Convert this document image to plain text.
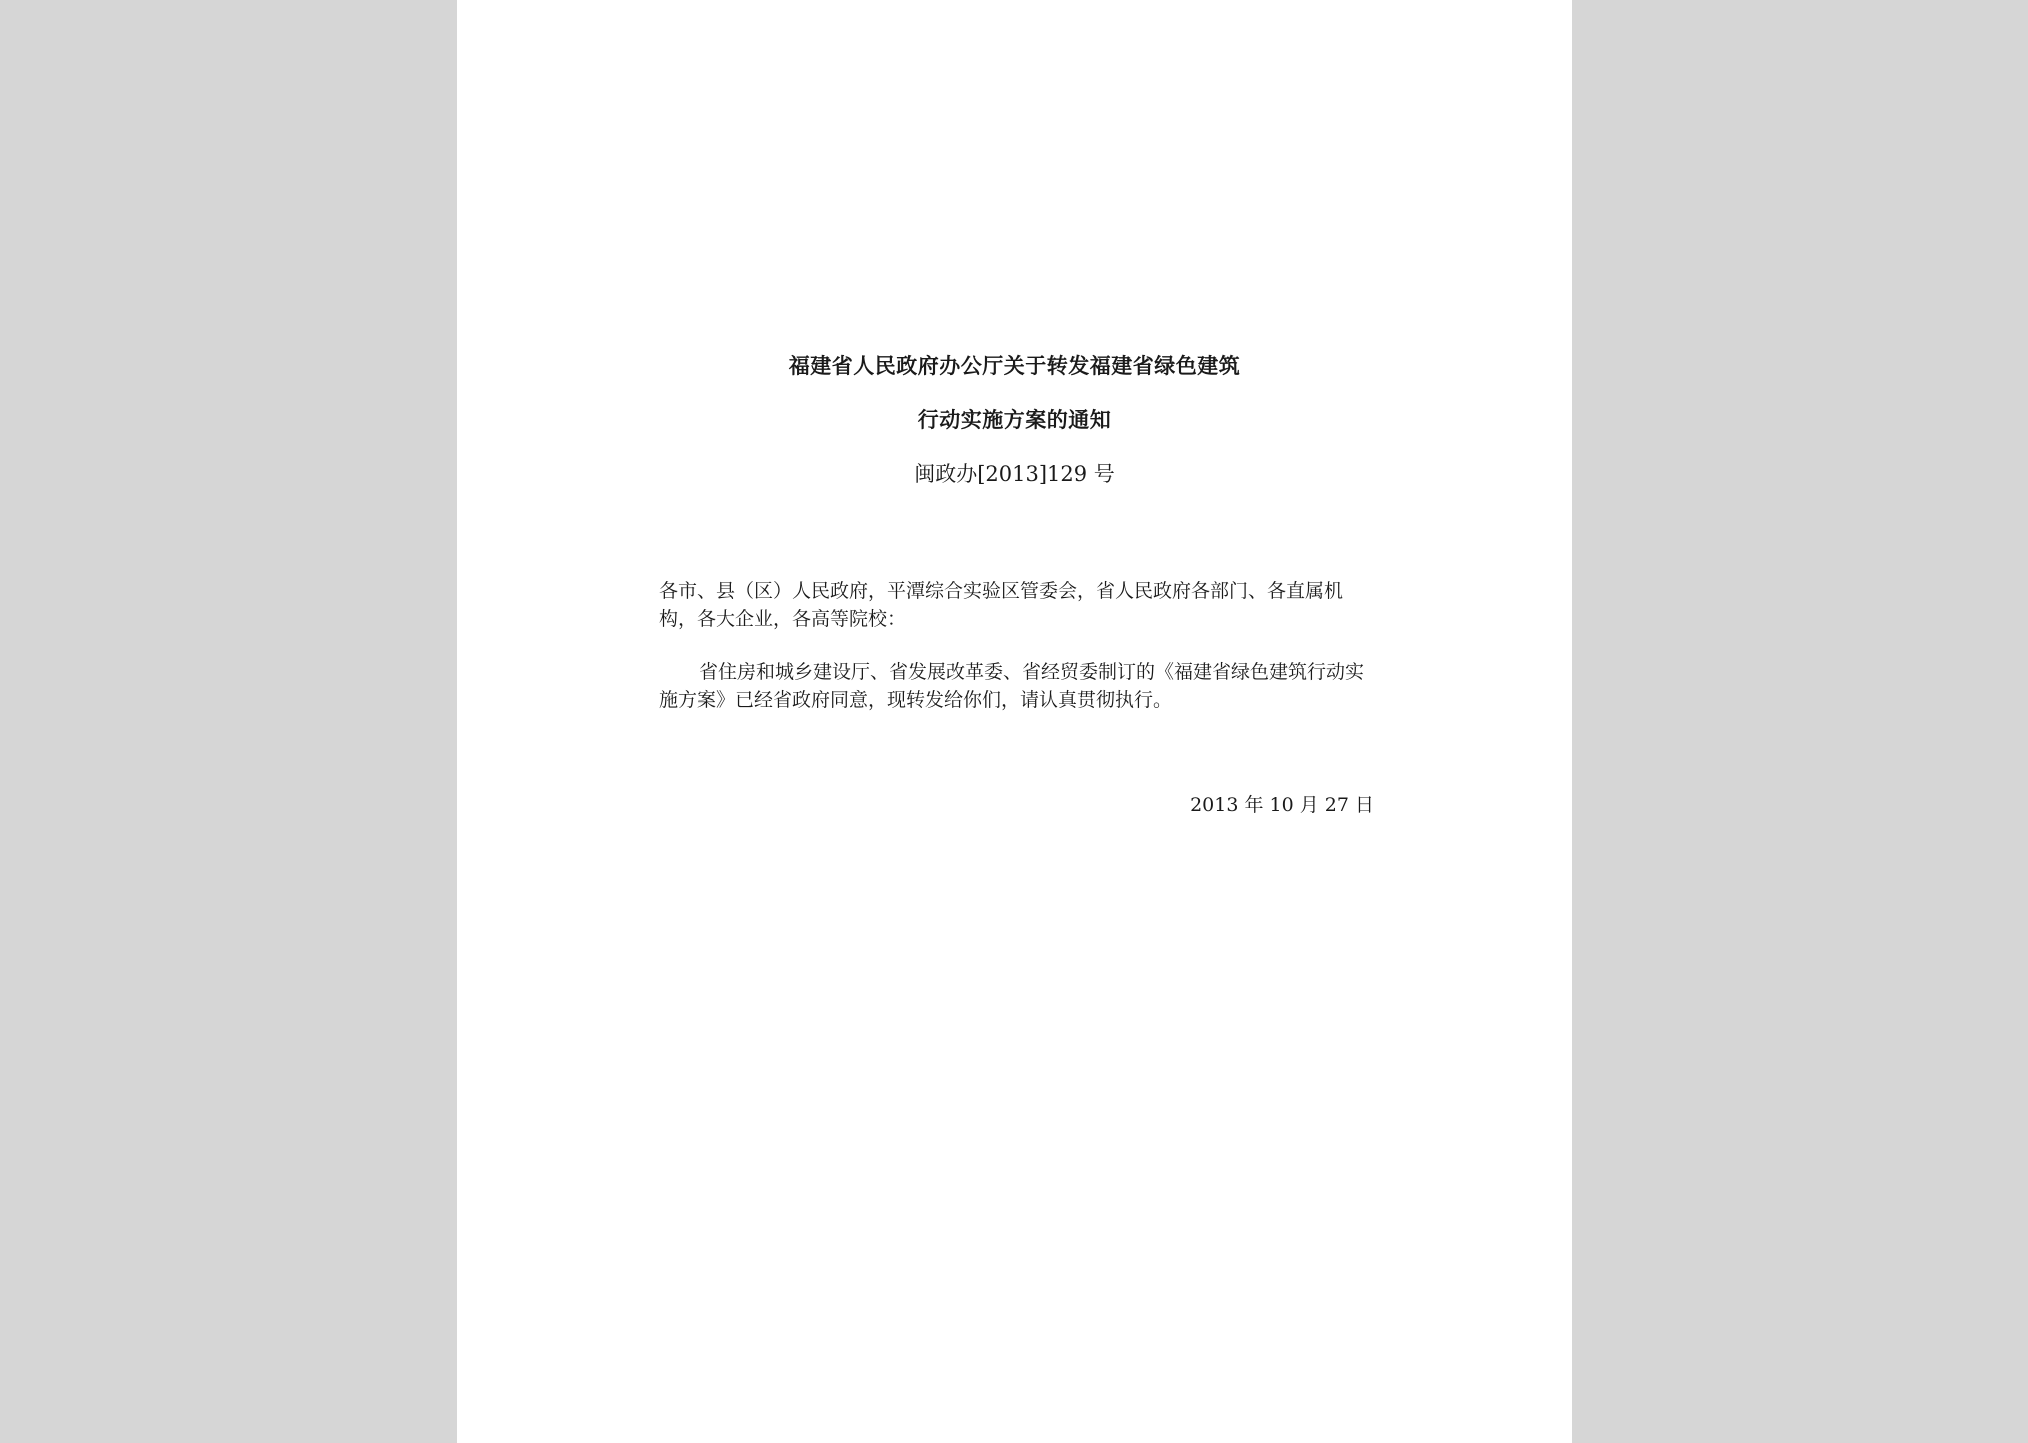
福建省人民政府办公厅关于转发福建省绿色建筑
行动实施方案的通知
闽政办[2013]129 号
各市、县（区）人民政府，平潭综合实验区管委会，省人民政府各部门、各直属机构，各大企业，各高等院校：
省住房和城乡建设厅、省发展改革委、省经贸委制订的《福建省绿色建筑行动实施方案》已经省政府同意，现转发给你们，请认真贯彻执行。
2013 年 10 月 27 日
